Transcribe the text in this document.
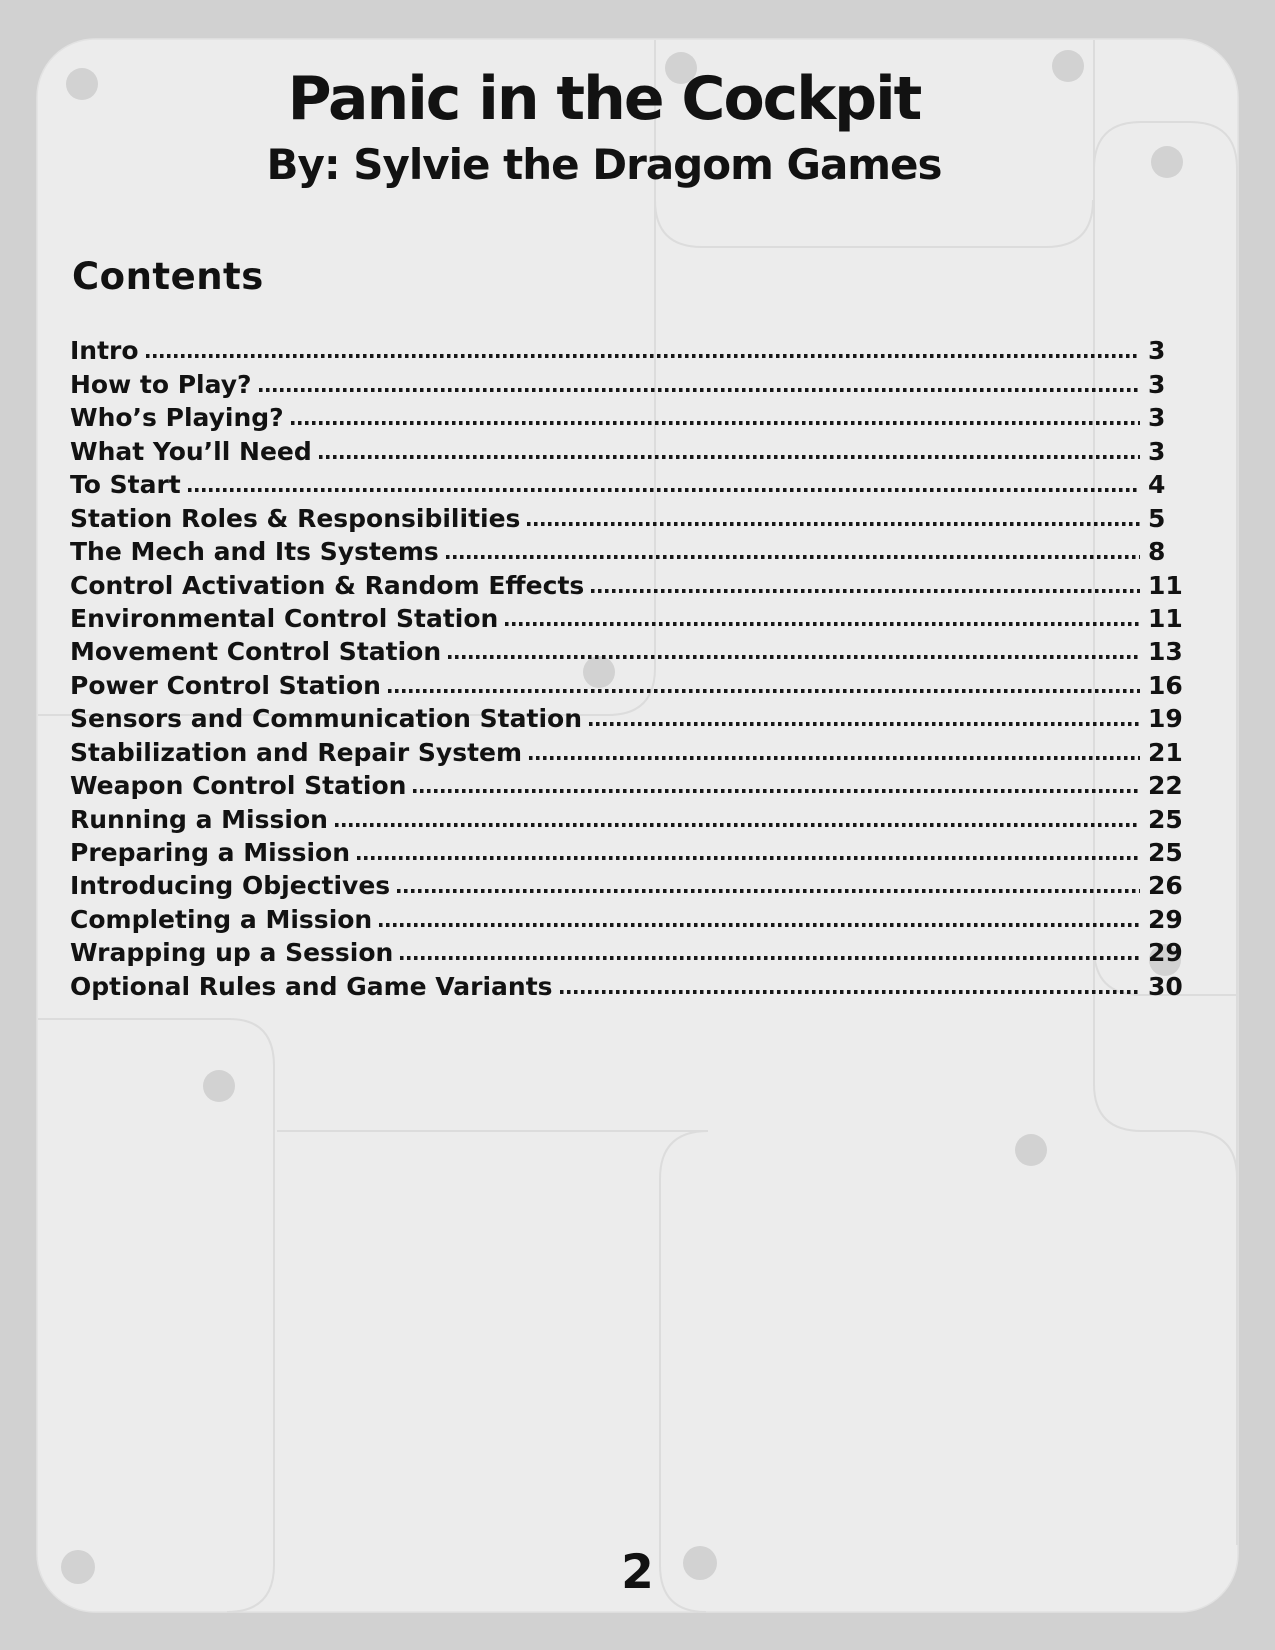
Panic in the Cockpit
By: Sylvie the Dragom Games
Contents
Intro	3
How to Play?	3
Who’s Playing?	3
What You’ll Need	3
To Start	4
Station Roles & Responsibilities	5
The Mech and Its Systems	8
Control Activation & Random Effects	11
Environmental Control Station	11
Movement Control Station	13
Power Control Station	16
Sensors and Communication Station	19
Stabilization and Repair System	21
Weapon Control Station	22
Running a Mission	25
Preparing a Mission	25
Introducing Objectives	26
Completing a Mission	29
Wrapping up a Session	29
Optional Rules and Game Variants	30
2
